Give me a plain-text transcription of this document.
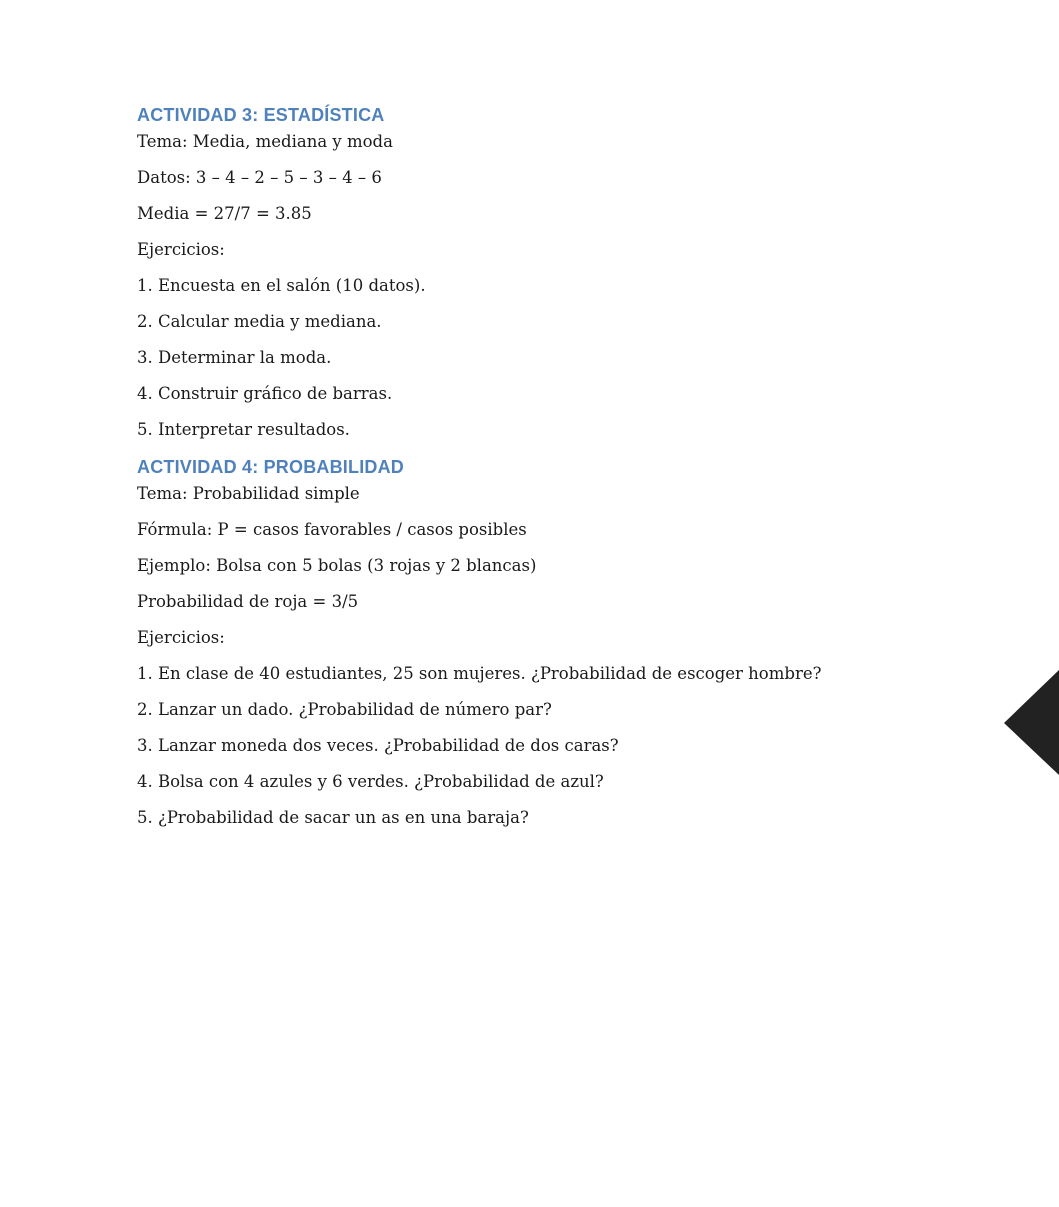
ACTIVIDAD 3: ESTADÍSTICA

Tema: Media, mediana y moda

Datos: 3 – 4 – 2 – 5 – 3 – 4 – 6

Media = 27/7 = 3.85

Ejercicios:

1. Encuesta en el salón (10 datos).

2. Calcular media y mediana.

3. Determinar la moda.

4. Construir gráfico de barras.

5. Interpretar resultados.

ACTIVIDAD 4: PROBABILIDAD

Tema: Probabilidad simple

Fórmula: P = casos favorables / casos posibles

Ejemplo: Bolsa con 5 bolas (3 rojas y 2 blancas)

Probabilidad de roja = 3/5

Ejercicios:

1. En clase de 40 estudiantes, 25 son mujeres. ¿Probabilidad de escoger hombre?

2. Lanzar un dado. ¿Probabilidad de número par?

3. Lanzar moneda dos veces. ¿Probabilidad de dos caras?

4. Bolsa con 4 azules y 6 verdes. ¿Probabilidad de azul?

5. ¿Probabilidad de sacar un as en una baraja?
